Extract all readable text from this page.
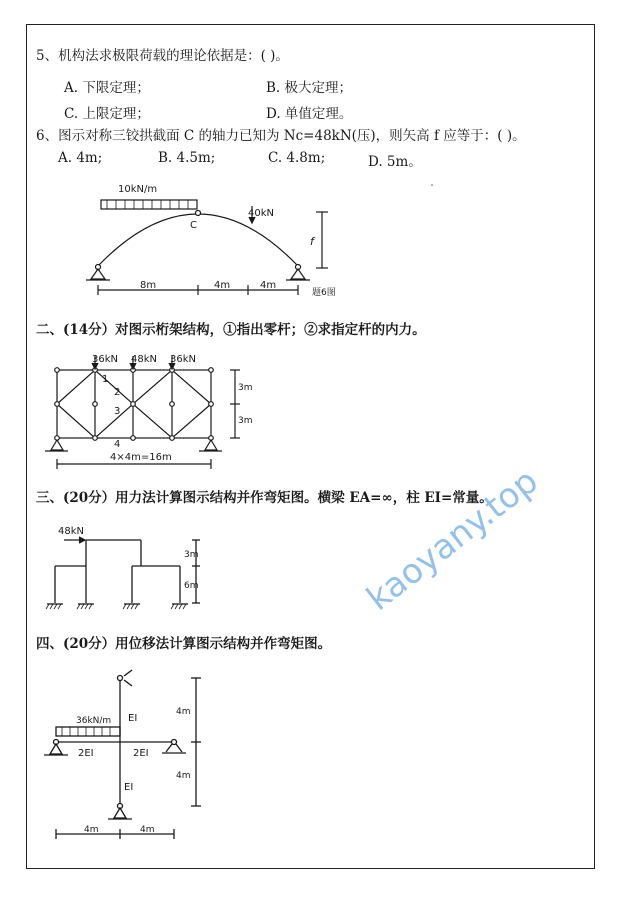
5、机构法求极限荷载的理论依据是：( )。
A. 下限定理；	B. 极大定理；
C. 上限定理；	D. 单值定理。
6、图示对称三铰拱截面 C 的轴力已知为 Nc=48kN(压)，则矢高 f 应等于：( )。
A. 4m;	B. 4.5m;	C. 4.8m;	D. 5m。
10kN/m
C
40kN
f
8m	4m	4m
题6图
二、(14分）对图示桁架结构，①指出零杆；②求指定杆的内力。
36kN 48kN 36kN
1
2
3
4
3m
3m
4×4m=16m
三、(20分）用力法计算图示结构并作弯矩图。横梁 EA=∞，柱 EI=常量。
48kN
3m
6m
四、(20分）用位移法计算图示结构并作弯矩图。
36kN/m EI
2EI	2EI
EI
4m
4m
4m	4m
kaoyany.top
